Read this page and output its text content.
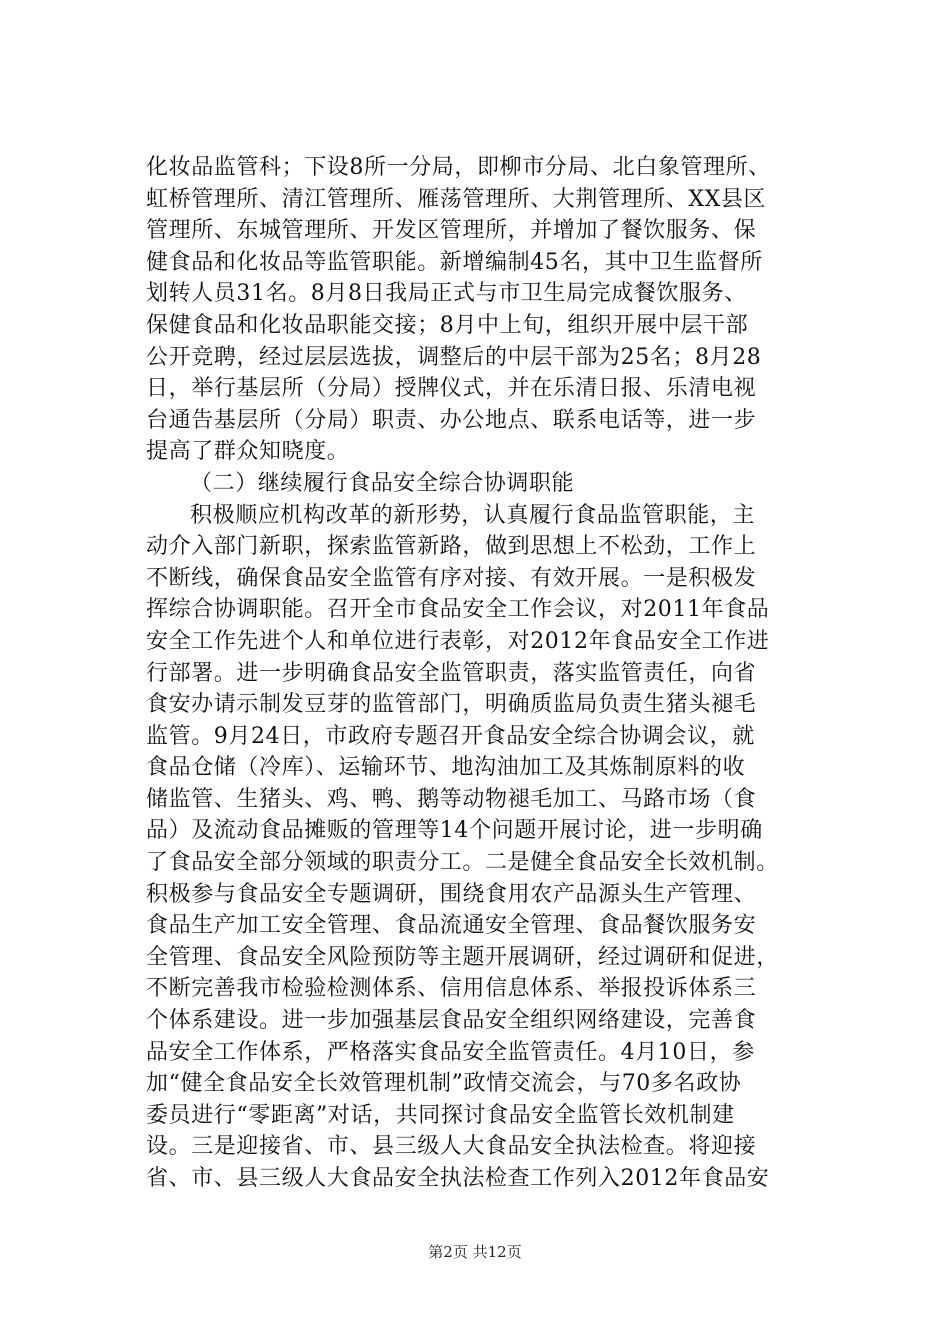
化妆品监管科；下设8所一分局，即柳市分局、北白象管理所、
虹桥管理所、清江管理所、雁荡管理所、大荆管理所、XX县区
管理所、东城管理所、开发区管理所，并增加了餐饮服务、保
健食品和化妆品等监管职能。新增编制45名，其中卫生监督所
划转人员31名。8月8日我局正式与市卫生局完成餐饮服务、
保健食品和化妆品职能交接；8月中上旬，组织开展中层干部
公开竞聘，经过层层选拔，调整后的中层干部为25名；8月28
日，举行基层所（分局）授牌仪式，并在乐清日报、乐清电视
台通告基层所（分局）职责、办公地点、联系电话等，进一步
提高了群众知晓度。
（二）继续履行食品安全综合协调职能
积极顺应机构改革的新形势，认真履行食品监管职能，主
动介入部门新职，探索监管新路，做到思想上不松劲，工作上
不断线，确保食品安全监管有序对接、有效开展。一是积极发
挥综合协调职能。召开全市食品安全工作会议，对2011年食品
安全工作先进个人和单位进行表彰，对2012年食品安全工作进
行部署。进一步明确食品安全监管职责，落实监管责任，向省
食安办请示制发豆芽的监管部门，明确质监局负责生猪头褪毛
监管。9月24日，市政府专题召开食品安全综合协调会议，就
食品仓储（冷库）、运输环节、地沟油加工及其炼制原料的收
储监管、生猪头、鸡、鸭、鹅等动物褪毛加工、马路市场（食
品）及流动食品摊贩的管理等14个问题开展讨论，进一步明确
了食品安全部分领域的职责分工。二是健全食品安全长效机制。
积极参与食品安全专题调研，围绕食用农产品源头生产管理、
食品生产加工安全管理、食品流通安全管理、食品餐饮服务安
全管理、食品安全风险预防等主题开展调研，经过调研和促进，
不断完善我市检验检测体系、信用信息体系、举报投诉体系三
个体系建设。进一步加强基层食品安全组织网络建设，完善食
品安全工作体系，严格落实食品安全监管责任。4月10日，参
加“健全食品安全长效管理机制”政情交流会，与70多名政协
委员进行“零距离”对话，共同探讨食品安全监管长效机制建
设。三是迎接省、市、县三级人大食品安全执法检查。将迎接
省、市、县三级人大食品安全执法检查工作列入2012年食品安
第2页 共12页
